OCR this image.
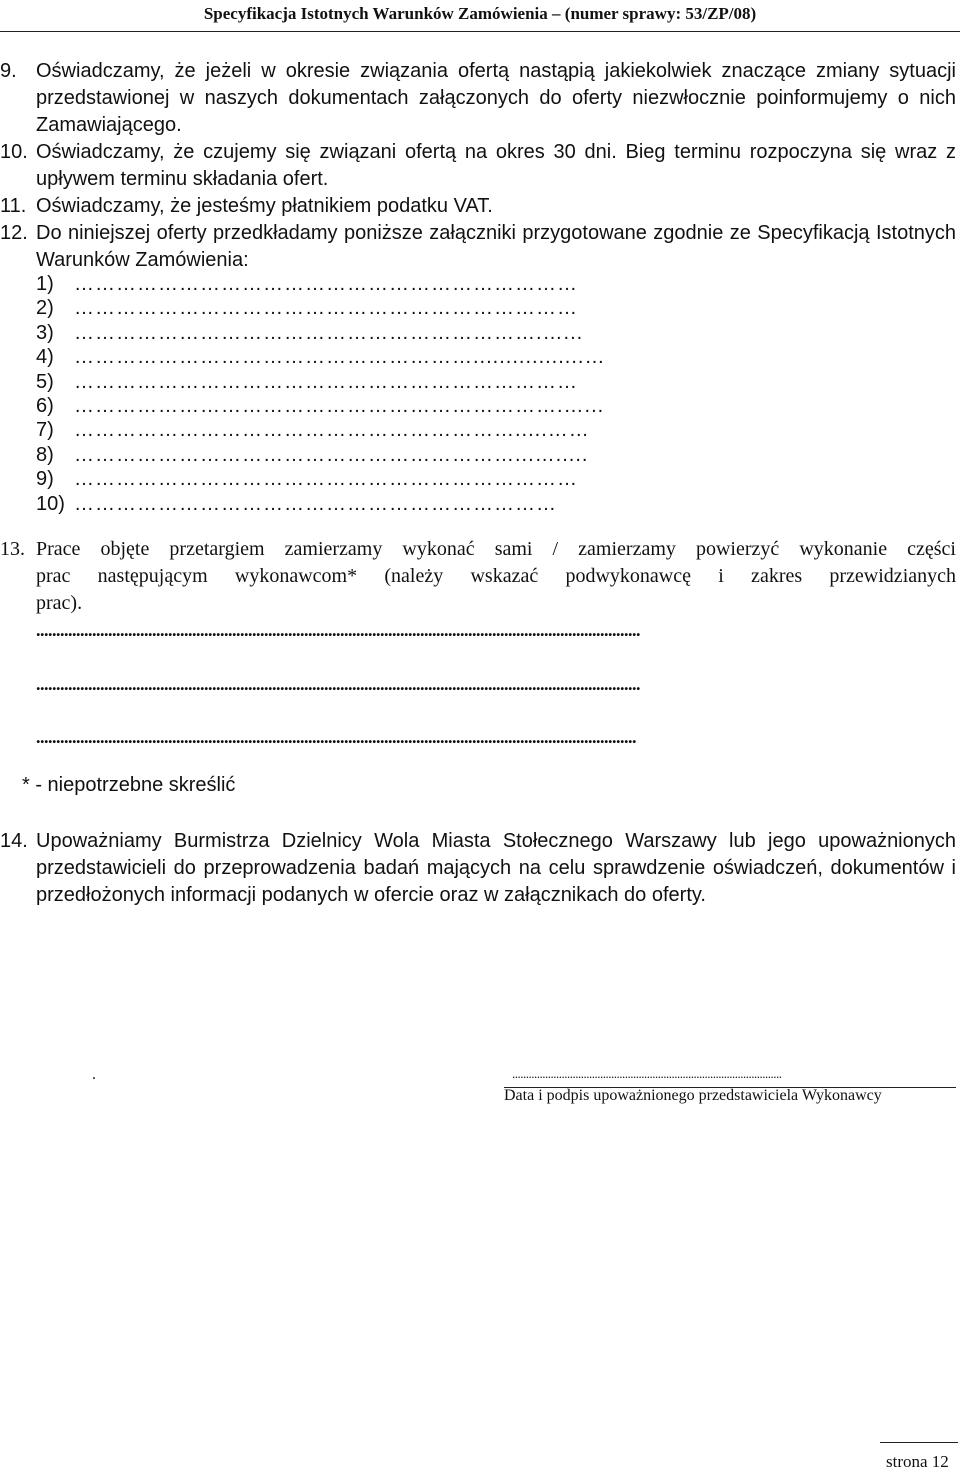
Specyfikacja Istotnych Warunków Zamówienia – (numer sprawy: 53/ZP/08)
9. Oświadczamy, że jeżeli w okresie związania ofertą nastąpią jakiekolwiek znaczące zmiany sytuacji przedstawionej w naszych dokumentach załączonych do oferty niezwłocznie poinformujemy o nich Zamawiającego.
10. Oświadczamy, że czujemy się związani ofertą na okres 30 dni. Bieg terminu rozpoczyna się wraz z upływem terminu składania ofert.
11. Oświadczamy, że jesteśmy płatnikiem podatku VAT.
12. Do niniejszej oferty przedkładamy poniższe załączniki przygotowane zgodnie ze Specyfikacją Istotnych Warunków Zamówienia:
1) ………………………………………………………………
2) ………………………………………………………………
3) ………………………………………………………….…...
4) ………………………………………………….................…
5) ………………………………………………………………
6) …………………………………………………………….…...
7) ……………………………………………………….....……
8) ………………………………………………………...….....
9) ………………………………………………………………
10) ……………………………………………………………
13. Prace objęte przetargiem zamierzamy wykonać sami / zamierzamy powierzyć wykonanie części
prac następującym wykonawcom* (należy wskazać podwykonawcę i zakres przewidzianych
prac).
.......................................................................................................................................................
.......................................................................................................................................................
......................................................................................................................................................
* - niepotrzebne skreślić
14. Upoważniamy Burmistrza Dzielnicy Wola Miasta Stołecznego Warszawy lub jego upoważnionych przedstawicieli do przeprowadzenia badań mających na celu sprawdzenie oświadczeń, dokumentów i przedłożonych informacji podanych w ofercie oraz w załącznikach do oferty.
.	..................................................................................................
Data i podpis upoważnionego przedstawiciela Wykonawcy
strona 12
